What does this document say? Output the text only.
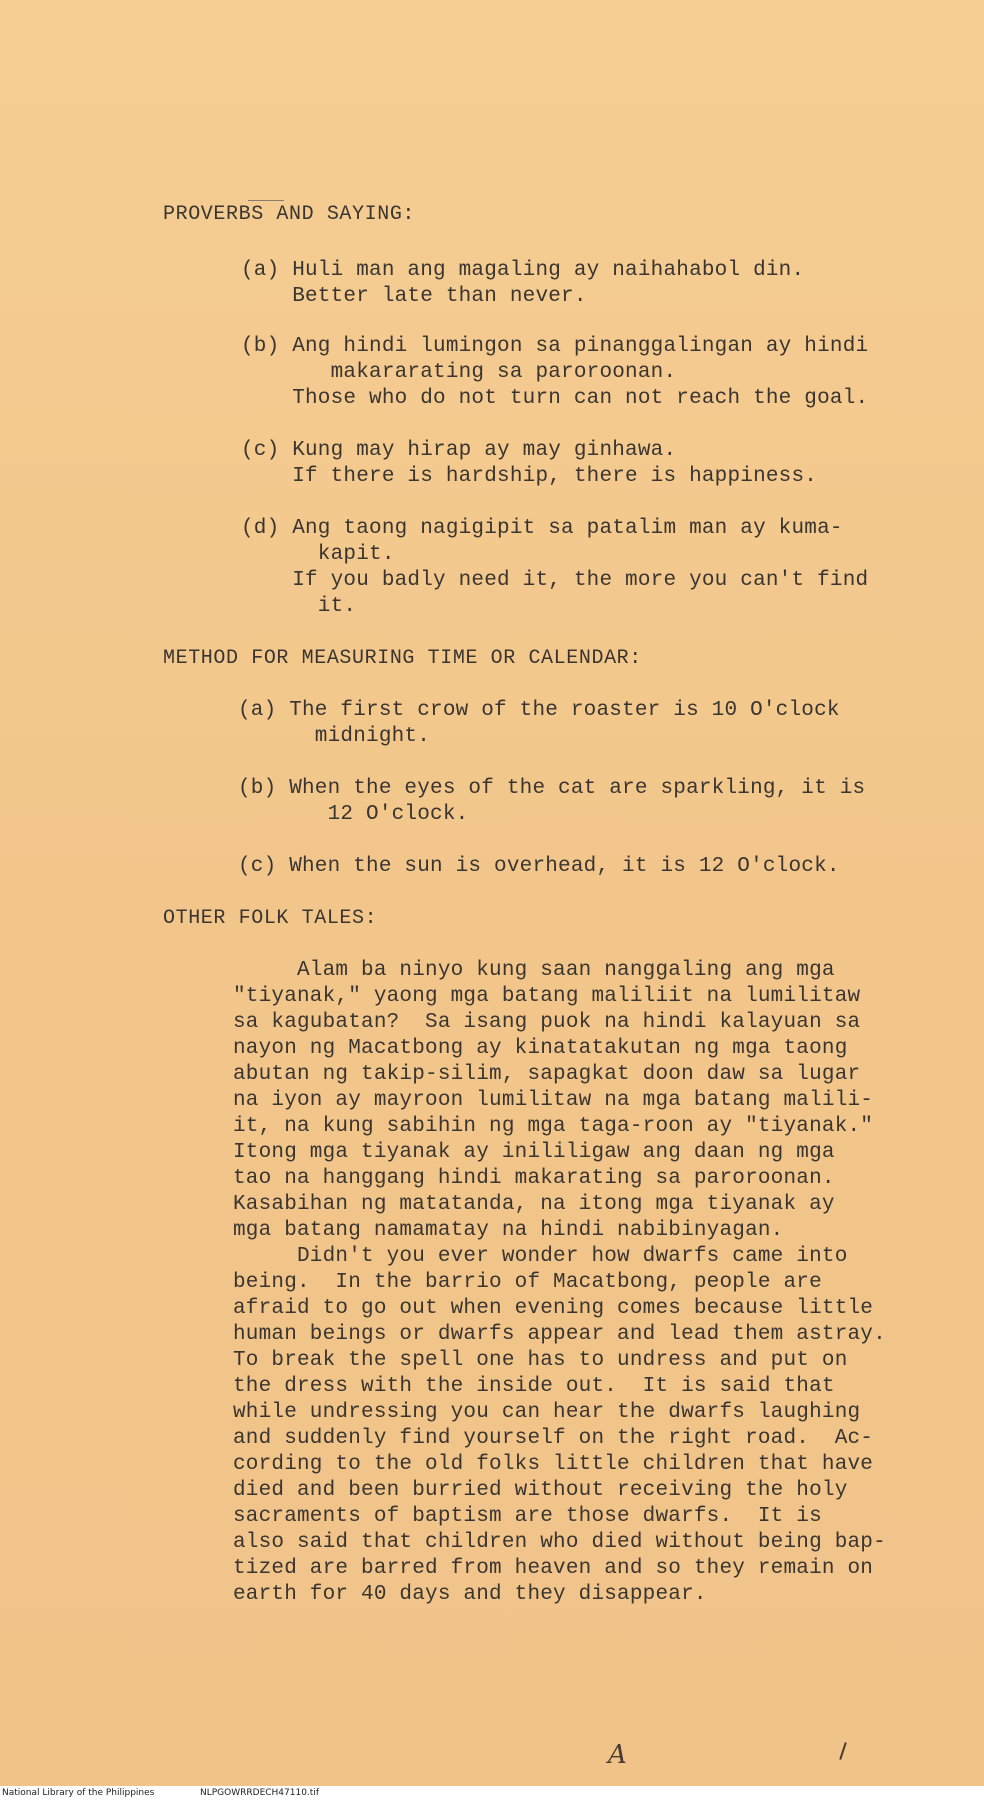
PROVERBS AND SAYING:
(a) Huli man ang magaling ay naihahabol din.
Better late than never.
(b) Ang hindi lumingon sa pinanggalingan ay hindi
makararating sa paroroonan.
Those who do not turn can not reach the goal.
(c) Kung may hirap ay may ginhawa.
If there is hardship, there is happiness.
(d) Ang taong nagigipit sa patalim man ay kuma-
kapit.
If you badly need it, the more you can't find
it.
METHOD FOR MEASURING TIME OR CALENDAR:
(a) The first crow of the roaster is 10 O'clock
midnight.
(b) When the eyes of the cat are sparkling, it is
12 O'clock.
(c) When the sun is overhead, it is 12 O'clock.
OTHER FOLK TALES:
Alam ba ninyo kung saan nanggaling ang mga
"tiyanak," yaong mga batang maliliit na lumilitaw
sa kagubatan?  Sa isang puok na hindi kalayuan sa
nayon ng Macatbong ay kinatatakutan ng mga taong
abutan ng takip-silim, sapagkat doon daw sa lugar
na iyon ay mayroon lumilitaw na mga batang malili-
it, na kung sabihin ng mga taga-roon ay "tiyanak."
Itong mga tiyanak ay inililigaw ang daan ng mga
tao na hanggang hindi makarating sa paroroonan.
Kasabihan ng matatanda, na itong mga tiyanak ay
mga batang namamatay na hindi nabibinyagan.
Didn't you ever wonder how dwarfs came into
being.  In the barrio of Macatbong, people are
afraid to go out when evening comes because little
human beings or dwarfs appear and lead them astray.
To break the spell one has to undress and put on
the dress with the inside out.  It is said that
while undressing you can hear the dwarfs laughing
and suddenly find yourself on the right road.  Ac-
cording to the old folks little children that have
died and been burried without receiving the holy
sacraments of baptism are those dwarfs.  It is
also said that children who died without being bap-
tized are barred from heaven and so they remain on
earth for 40 days and they disappear.
A
National Library of the Philippines	NLPGOWRRDECH47110.tif
